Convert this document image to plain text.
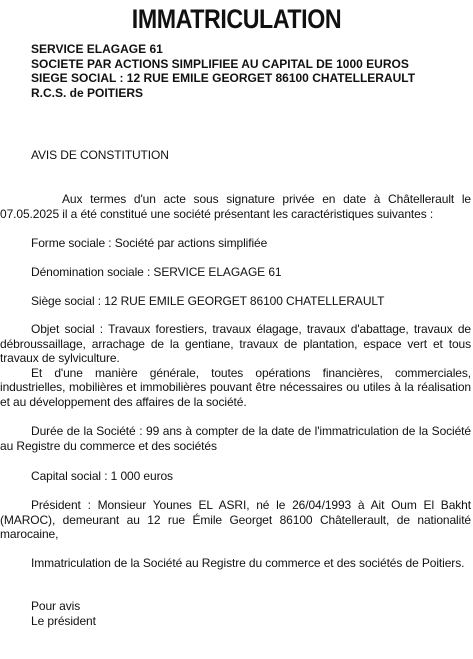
IMMATRICULATION
SERVICE ELAGAGE 61
SOCIETE PAR ACTIONS SIMPLIFIEE AU CAPITAL DE 1000 EUROS
SIEGE SOCIAL : 12 RUE EMILE GEORGET 86100 CHATELLERAULT
R.C.S. de POITIERS
AVIS DE CONSTITUTION
Aux termes d'un acte sous signature privée en date à Châtellerault le 07.05.2025 il a été constitué une société présentant les caractéristiques suivantes :
Forme sociale : Société par actions simplifiée
Dénomination sociale : SERVICE ELAGAGE 61
Siège social : 12 RUE EMILE GEORGET 86100 CHATELLERAULT
Objet social : Travaux forestiers, travaux élagage, travaux d'abattage, travaux de débroussaillage, arrachage de la gentiane, travaux de plantation, espace vert et tous travaux de sylviculture.
Et d'une manière générale, toutes opérations financières, commerciales, industrielles, mobilières et immobilières pouvant être nécessaires ou utiles à la réalisation et au développement des affaires de la société.
Durée de la Société : 99 ans à compter de la date de l'immatriculation de la Société au Registre du commerce et des sociétés
Capital social : 1 000 euros
Président : Monsieur Younes EL ASRI, né le 26/04/1993 à Ait Oum El Bakht (MAROC), demeurant au 12 rue Émile Georget 86100 Châtellerault, de nationalité marocaine,
Immatriculation de la Société au Registre du commerce et des sociétés de Poitiers.
Pour avis
Le président
